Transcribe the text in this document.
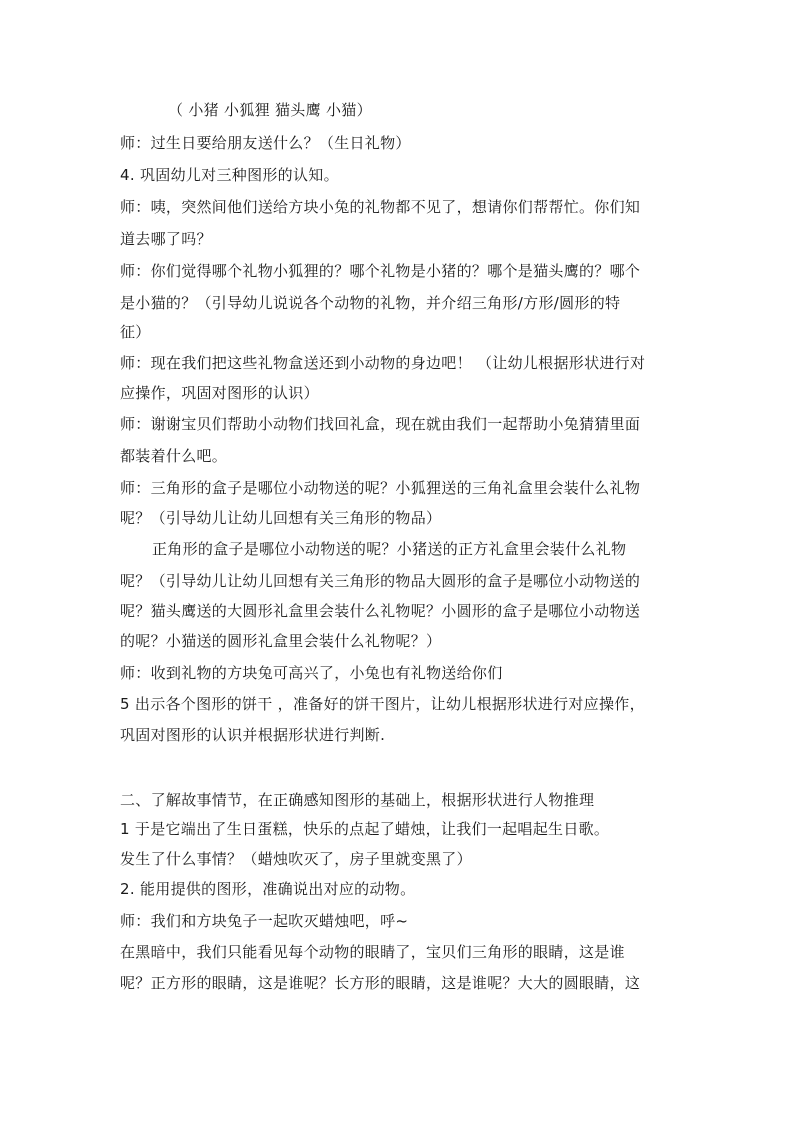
（ 小猪 小狐狸 猫头鹰 小猫）
师：过生日要给朋友送什么？（生日礼物）
4. 巩固幼儿对三种图形的认知。
师：咦，突然间他们送给方块小兔的礼物都不见了，想请你们帮帮忙。你们知
道去哪了吗？
师：你们觉得哪个礼物小狐狸的？哪个礼物是小猪的？哪个是猫头鹰的？哪个
是小猫的？（引导幼儿说说各个动物的礼物，并介绍三角形/方形/圆形的特
征）
师：现在我们把这些礼物盒送还到小动物的身边吧！ （让幼儿根据形状进行对
应操作，巩固对图形的认识）
师：谢谢宝贝们帮助小动物们找回礼盒，现在就由我们一起帮助小兔猜猜里面
都装着什么吧。
师：三角形的盒子是哪位小动物送的呢？小狐狸送的三角礼盒里会装什么礼物
呢？（引导幼儿让幼儿回想有关三角形的物品）
正角形的盒子是哪位小动物送的呢？小猪送的正方礼盒里会装什么礼物
呢？（引导幼儿让幼儿回想有关三角形的物品大圆形的盒子是哪位小动物送的
呢？猫头鹰送的大圆形礼盒里会装什么礼物呢？小圆形的盒子是哪位小动物送
的呢？小猫送的圆形礼盒里会装什么礼物呢？）
师：收到礼物的方块兔可高兴了，小兔也有礼物送给你们
5 出示各个图形的饼干 ，准备好的饼干图片，让幼儿根据形状进行对应操作，
巩固对图形的认识并根据形状进行判断.
二、了解故事情节，在正确感知图形的基础上，根据形状进行人物推理
1 于是它端出了生日蛋糕，快乐的点起了蜡烛，让我们一起唱起生日歌。
发生了什么事情？（蜡烛吹灭了，房子里就变黑了）
2. 能用提供的图形，准确说出对应的动物。
师：我们和方块兔子一起吹灭蜡烛吧，呼~
在黑暗中，我们只能看见每个动物的眼睛了，宝贝们三角形的眼睛，这是谁
呢？正方形的眼睛，这是谁呢？长方形的眼睛，这是谁呢？大大的圆眼睛，这
